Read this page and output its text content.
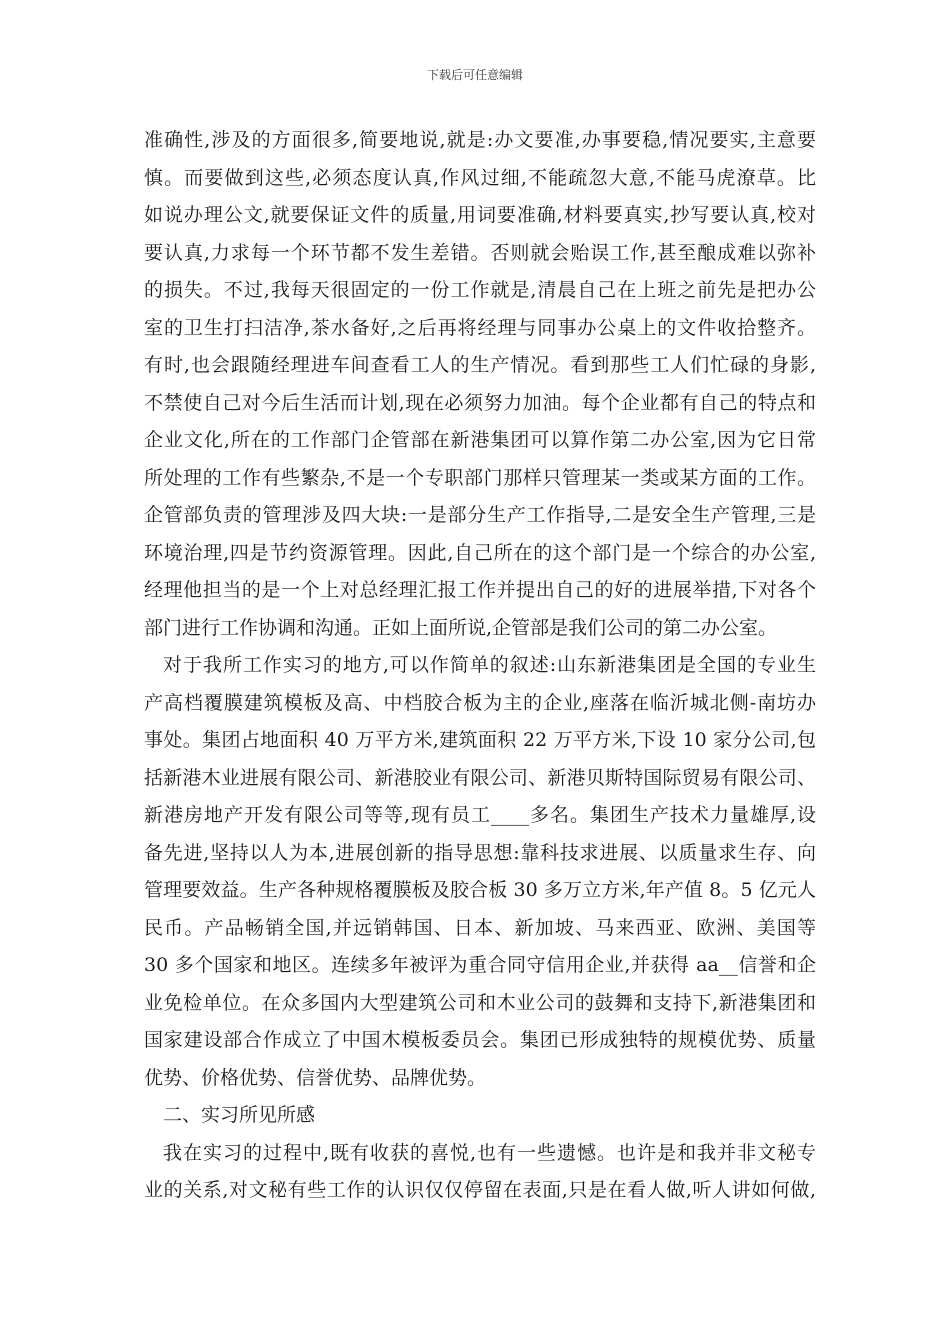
下载后可任意编辑
准确性,涉及的方面很多,简要地说,就是:办文要准,办事要稳,情况要实,主意要
慎。而要做到这些,必须态度认真,作风过细,不能疏忽大意,不能马虎潦草。比
如说办理公文,就要保证文件的质量,用词要准确,材料要真实,抄写要认真,校对
要认真,力求每一个环节都不发生差错。否则就会贻误工作,甚至酿成难以弥补
的损失。不过,我每天很固定的一份工作就是,清晨自己在上班之前先是把办公
室的卫生打扫洁净,茶水备好,之后再将经理与同事办公桌上的文件收拾整齐。
有时,也会跟随经理进车间查看工人的生产情况。看到那些工人们忙碌的身影,
不禁使自己对今后生活而计划,现在必须努力加油。每个企业都有自己的特点和
企业文化,所在的工作部门企管部在新港集团可以算作第二办公室,因为它日常
所处理的工作有些繁杂,不是一个专职部门那样只管理某一类或某方面的工作。
企管部负责的管理涉及四大块:一是部分生产工作指导,二是安全生产管理,三是
环境治理,四是节约资源管理。因此,自己所在的这个部门是一个综合的办公室,
经理他担当的是一个上对总经理汇报工作并提出自己的好的进展举措,下对各个
部门进行工作协调和沟通。正如上面所说,企管部是我们公司的第二办公室。
对于我所工作实习的地方,可以作简单的叙述:山东新港集团是全国的专业生
产高档覆膜建筑模板及高、中档胶合板为主的企业,座落在临沂城北侧-南坊办
事处。集团占地面积 40 万平方米,建筑面积 22 万平方米,下设 10 家分公司,包
括新港木业进展有限公司、新港胶业有限公司、新港贝斯特国际贸易有限公司、
新港房地产开发有限公司等等,现有员工____多名。集团生产技术力量雄厚,设
备先进,坚持以人为本,进展创新的指导思想:靠科技求进展、以质量求生存、向
管理要效益。生产各种规格覆膜板及胶合板 30 多万立方米,年产值 8。5 亿元人
民币。产品畅销全国,并远销韩国、日本、新加坡、马来西亚、欧洲、美国等
30 多个国家和地区。连续多年被评为重合同守信用企业,并获得 aa__信誉和企
业免检单位。在众多国内大型建筑公司和木业公司的鼓舞和支持下,新港集团和
国家建设部合作成立了中国木模板委员会。集团已形成独特的规模优势、质量
优势、价格优势、信誉优势、品牌优势。
二、实习所见所感
我在实习的过程中,既有收获的喜悦,也有一些遗憾。也许是和我并非文秘专
业的关系,对文秘有些工作的认识仅仅停留在表面,只是在看人做,听人讲如何做,
